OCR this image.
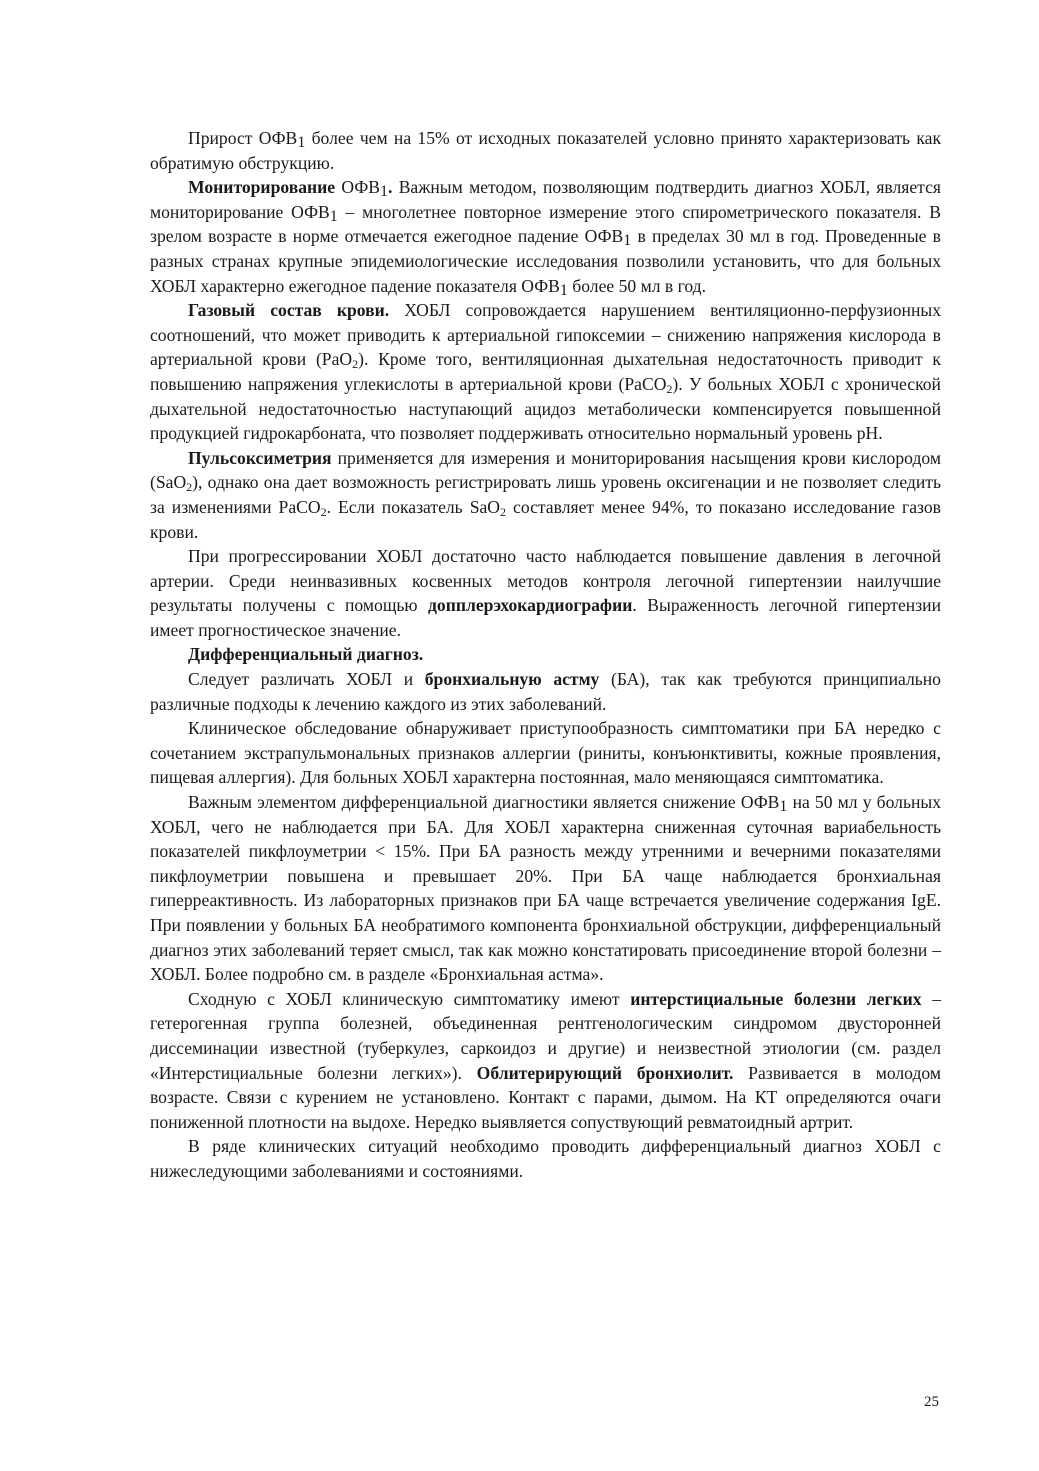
Прирост ОФВ1 более чем на 15% от исходных показателей условно принято характеризовать как обратимую обструкцию.

Мониторирование ОФВ1. Важным методом, позволяющим подтвердить диагноз ХОБЛ, является мониторирование ОФВ1 – многолетнее повторное измерение этого спирометрического показателя. В зрелом возрасте в норме отмечается ежегодное падение ОФВ1 в пределах 30 мл в год. Проведенные в разных странах крупные эпидемиологические исследования позволили установить, что для больных ХОБЛ характерно ежегодное падение показателя ОФВ1 более 50 мл в год.

Газовый состав крови. ХОБЛ сопровождается нарушением вентиляционно-перфузионных соотношений, что может приводить к артериальной гипоксемии – снижению напряжения кислорода в артериальной крови (PaO$_2$). Кроме того, вентиляционная дыхательная недостаточность приводит к повышению напряжения углекислоты в артериальной крови (PaCO$_2$). У больных ХОБЛ с хронической дыхательной недостаточностью наступающий ацидоз метаболически компенсируется повышенной продукцией гидрокарбоната, что позволяет поддерживать относительно нормальный уровень pH.

Пульсоксиметрия применяется для измерения и мониторирования насыщения крови кислородом (SaO$_2$), однако она дает возможность регистрировать лишь уровень оксигенации и не позволяет следить за изменениями PaCO$_2$. Если показатель SaO$_2$ составляет менее 94%, то показано исследование газов крови.

При прогрессировании ХОБЛ достаточно часто наблюдается повышение давления в легочной артерии. Среди неинвазивных косвенных методов контроля легочной гипертензии наилучшие результаты получены с помощью допплерэхокардиографии. Выраженность легочной гипертензии имеет прогностическое значение.

Дифференциальный диагноз.

Следует различать ХОБЛ и бронхиальную астму (БА), так как требуются принципиально различные подходы к лечению каждого из этих заболеваний.

Клиническое обследование обнаруживает приступообразность симптоматики при БА нередко с сочетанием экстрапульмональных признаков аллергии (риниты, конъюнктивиты, кожные проявления, пищевая аллергия). Для больных ХОБЛ характерна постоянная, мало меняющаяся симптоматика.

Важным элементом дифференциальной диагностики является снижение ОФВ1 на 50 мл у больных ХОБЛ, чего не наблюдается при БА. Для ХОБЛ характерна сниженная суточная вариабельность показателей пикфлоуметрии < 15%. При БА разность между утренними и вечерними показателями пикфлоуметрии повышена и превышает 20%. При БА чаще наблюдается бронхиальная гиперреактивность. Из лабораторных признаков при БА чаще встречается увеличение содержания IgE. При появлении у больных БА необратимого компонента бронхиальной обструкции, дифференциальный диагноз этих заболеваний теряет смысл, так как можно констатировать присоединение второй болезни – ХОБЛ. Более подробно см. в разделе «Бронхиальная астма».

Сходную с ХОБЛ клиническую симптоматику имеют интерстициальные болезни легких – гетерогенная группа болезней, объединенная рентгенологическим синдромом двусторонней диссеминации известной (туберкулез, саркоидоз и другие) и неизвестной этиологии (см. раздел «Интерстициальные болезни легких»). Облитерирующий бронхиолит. Развивается в молодом возрасте. Связи с курением не установлено. Контакт с парами, дымом. На КТ определяются очаги пониженной плотности на выдохе. Нередко выявляется сопуствующий ревматоидный артрит.

В ряде клинических ситуаций необходимо проводить дифференциальный диагноз ХОБЛ с нижеследующими заболеваниями и состояниями.

25
